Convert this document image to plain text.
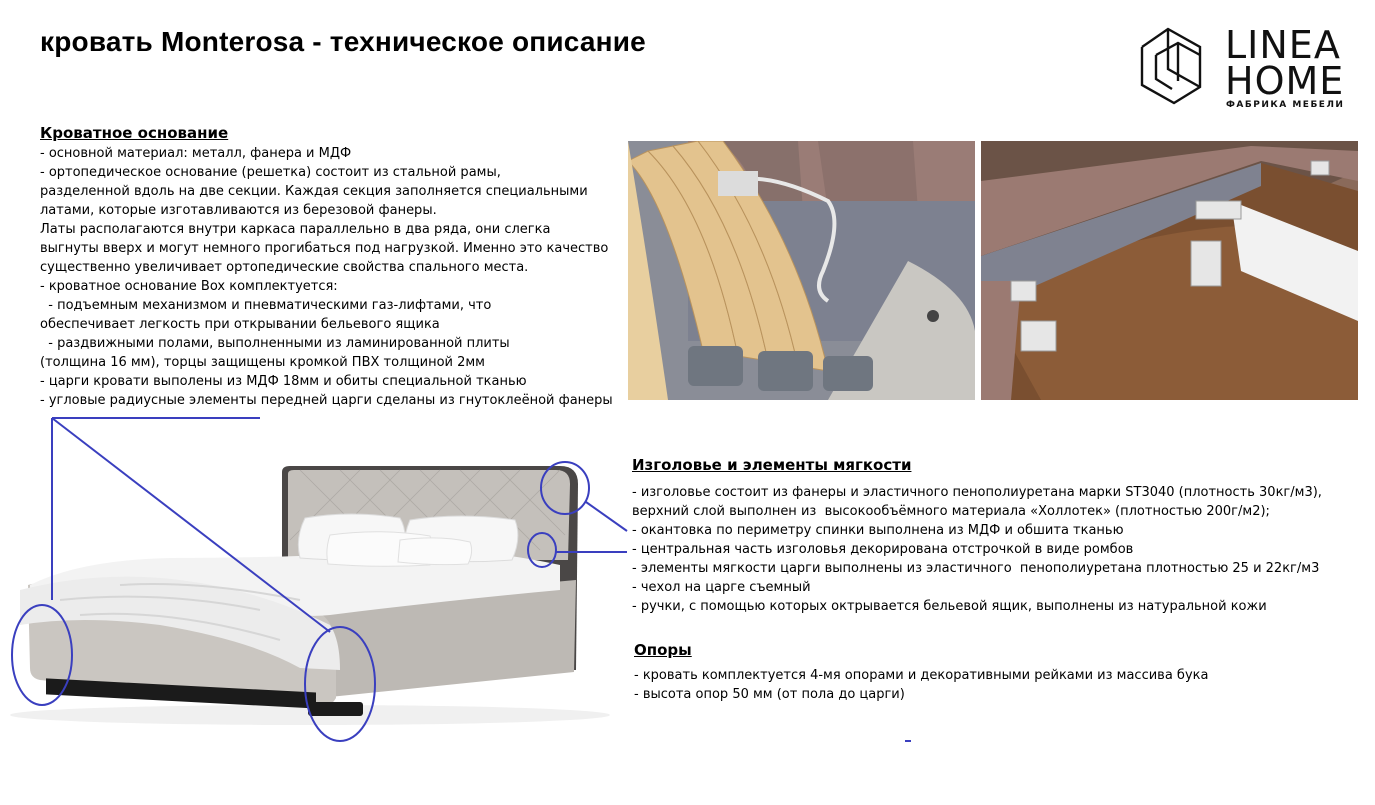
кровать Monterosa - техническое описание	LINEA
HOME
ФАБРИКА МЕБЕЛИ
Кроватное основание
- основной материал: металл, фанера и МДФ
- ортопедическое основание (решетка) состоит из стальной рамы,
разделенной вдоль на две секции. Каждая секция заполняется специальными
латами, которые изготавливаются из березовой фанеры.
Латы располагаются внутри каркаса параллельно в два ряда, они слегка
выгнуты вверх и могут немного прогибаться под нагрузкой. Именно это качество
существенно увеличивает ортопедические свойства спального места.
- кроватное основание Box комплектуется:
- подъемным механизмом и пневматическими газ-лифтами, что
обеспечивает легкость при открывании бельевого ящика
- раздвижными полами, выполненными из ламинированной плиты
(толщина 16 мм), торцы защищены кромкой ПВХ толщиной 2мм
- царги кровати выполены из МДФ 18мм и обиты специальной тканью
- угловые радиусные элементы передней царги сделаны из гнутоклеёной фанеры
Изголовье и элементы мягкости
- изголовье состоит из фанеры и эластичного пенополиуретана марки ST3040 (плотность 30кг/м3),
верхний слой выполнен из  высокообъёмного материала «Холлотек» (плотностью 200г/м2);
- окантовка по периметру спинки выполнена из МДФ и обшита тканью
- центральная часть изголовья декорирована отстрочкой в виде ромбов
- элементы мягкости царги выполнены из эластичного  пенополиуретана плотностью 25 и 22кг/м3
- чехол на царге съемный
- ручки, с помощью которых октрывается бельевой ящик, выполнены из натуральной кожи
Опоры
- кровать комплектуется 4-мя опорами и декоративными рейками из массива бука
- высота опор 50 мм (от пола до царги)
